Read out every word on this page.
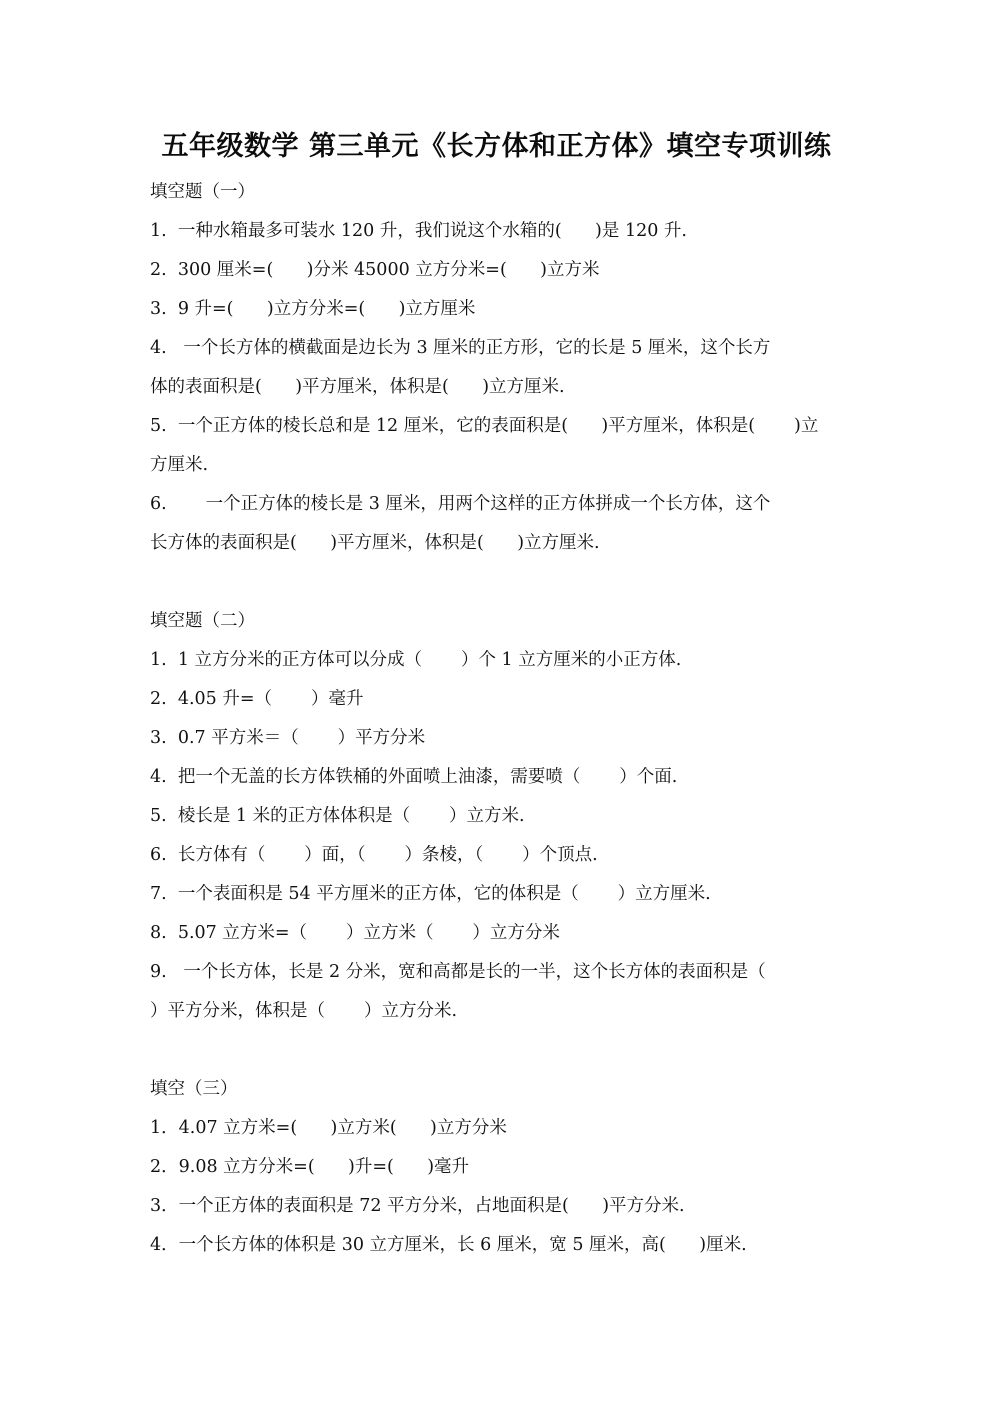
五年级数学 第三单元《长方体和正方体》填空专项训练
填空题（一）
1.  一种水箱最多可装水 120 升，我们说这个水箱的(      )是 120 升.
2.  300 厘米=(      )分米 45000 立方分米=(      )立方米
3.  9 升=(      )立方分米=(      )立方厘米
4.   一个长方体的横截面是边长为 3 厘米的正方形，它的长是 5 厘米，这个长方
体的表面积是(      )平方厘米，体积是(      )立方厘米.
5.  一个正方体的棱长总和是 12 厘米，它的表面积是(      )平方厘米，体积是(       )立
方厘米.
6.       一个正方体的棱长是 3 厘米，用两个这样的正方体拼成一个长方体，这个
长方体的表面积是(      )平方厘米，体积是(      )立方厘米.
填空题（二）
1.  1 立方分米的正方体可以分成（       ）个 1 立方厘米的小正方体.
2.  4.05 升=（       ）毫升
3.  0.7 平方米＝（       ）平方分米
4.  把一个无盖的长方体铁桶的外面喷上油漆，需要喷（       ）个面.
5.  棱长是 1 米的正方体体积是（       ）立方米.
6.  长方体有（       ）面，（       ）条棱，（       ）个顶点.
7.  一个表面积是 54 平方厘米的正方体，它的体积是（       ）立方厘米.
8.  5.07 立方米=（       ）立方米（       ）立方分米
9.   一个长方体，长是 2 分米，宽和高都是长的一半，这个长方体的表面积是（
）平方分米，体积是（       ）立方分米.
填空（三）
1．4.07 立方米=(      )立方米(      )立方分米
2．9.08 立方分米=(      )升=(      )毫升
3．一个正方体的表面积是 72 平方分米，占地面积是(      )平方分米.
4．一个长方体的体积是 30 立方厘米，长 6 厘米，宽 5 厘米，高(      )厘米.
